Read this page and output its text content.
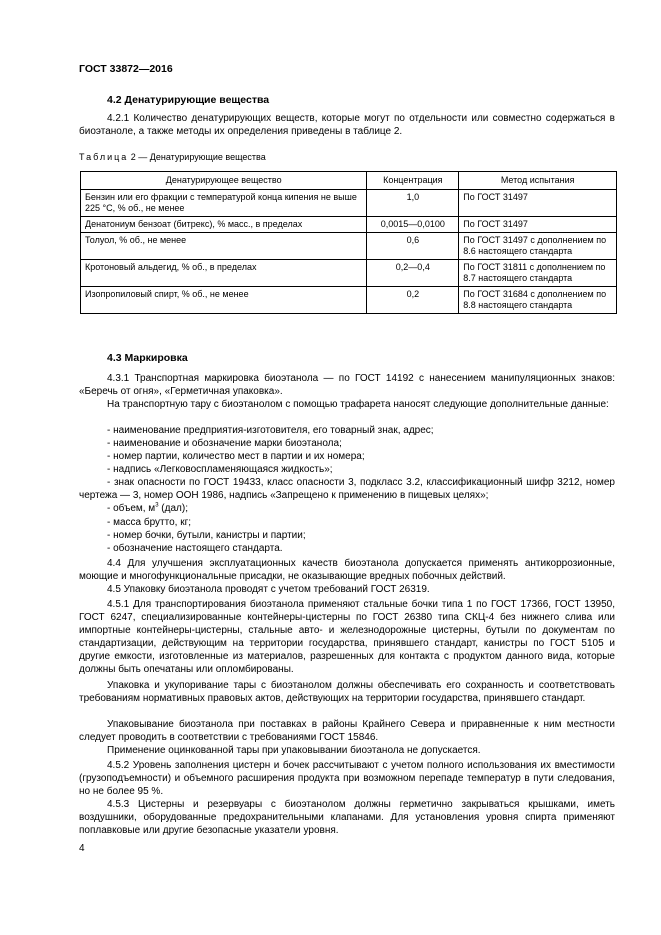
ГОСТ 33872—2016
4.2 Денатурирующие вещества

4.2.1 Количество денатурирующих веществ, которые могут по отдельности или совместно содержаться в биоэтаноле, а также методы их определения приведены в таблице 2.

Таблица 2 — Денатурирующие вещества
Денатурирующее вещество	Концентрация	Метод испытания
Бензин или его фракции с температурой конца кипения не выше 225 °С, % об., не менее	1,0	По ГОСТ 31497
Денатониум бензоат (битрекс), % масс., в пределах	0,0015—0,0100	По ГОСТ 31497
Толуол, % об., не менее	0,6	По ГОСТ 31497 с дополнением по 8.6 настоящего стандарта
Кротоновый альдегид, % об., в пределах	0,2—0,4	По ГОСТ 31811 с дополнением по 8.7 настоящего стандарта
Изопропиловый спирт, % об., не менее	0,2	По ГОСТ 31684 с дополнением по 8.8 настоящего стандарта
4.3 Маркировка

4.3.1 Транспортная маркировка биоэтанола — по ГОСТ 14192 с нанесением манипуляционных знаков: «Беречь от огня», «Герметичная упаковка».

На транспортную тару с биоэтанолом с помощью трафарета наносят следующие дополнительные данные:

- наименование предприятия-изготовителя, его товарный знак, адрес;

- наименование и обозначение марки биоэтанола;

- номер партии, количество мест в партии и их номера;

- надпись «Легковоспламеняющаяся жидкость»;

- знак опасности по ГОСТ 19433, класс опасности 3, подкласс 3.2, классификационный шифр 3212, номер чертежа — 3, номер ООН 1986, надпись «Запрещено к применению в пищевых целях»;

- объем, $м^3$ (дал);

- масса брутто, кг;

- номер бочки, бутыли, канистры и партии;

- обозначение настоящего стандарта.

4.4 Для улучшения эксплуатационных качеств биоэтанола допускается применять антикоррозионные, моющие и многофункциональные присадки, не оказывающие вредных побочных действий.

4.5 Упаковку биоэтанола проводят с учетом требований ГОСТ 26319.

4.5.1 Для транспортирования биоэтанола применяют стальные бочки типа 1 по ГОСТ 17366, ГОСТ 13950, ГОСТ 6247, специализированные контейнеры-цистерны по ГОСТ 26380 типа СКЦ-4 без нижнего слива или импортные контейнеры-цистерны, стальные авто- и железнодорожные цистерны, бутыли по документам по стандартизации, действующим на территории государства, принявшего стандарт, канистры по ГОСТ 5105 и другие емкости, изготовленные из материалов, разрешенных для контакта с продуктом данного вида, которые должны быть опечатаны или опломбированы.

Упаковка и укупоривание тары с биоэтанолом должны обеспечивать его сохранность и соответствовать требованиям нормативных правовых актов, действующих на территории государства, принявшего стандарт.

Упаковывание биоэтанола при поставках в районы Крайнего Севера и приравненные к ним местности следует проводить в соответствии с требованиями ГОСТ 15846.

Применение оцинкованной тары при упаковывании биоэтанола не допускается.

4.5.2 Уровень заполнения цистерн и бочек рассчитывают с учетом полного использования их вместимости (грузоподъемности) и объемного расширения продукта при возможном перепаде температур в пути следования, но не более 95 %.

4.5.3 Цистерны и резервуары с биоэтанолом должны герметично закрываться крышками, иметь воздушники, оборудованные предохранительными клапанами. Для установления уровня спирта применяют поплавковые или другие безопасные указатели уровня.

4
